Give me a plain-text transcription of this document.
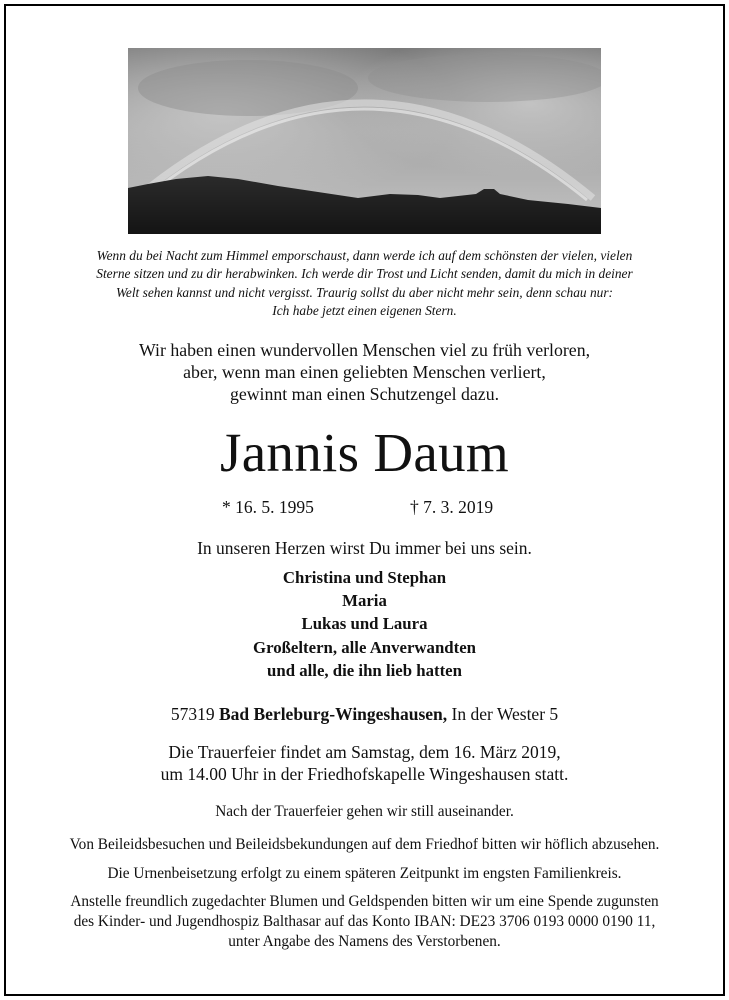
Wenn du bei Nacht zum Himmel emporschaust, dann werde ich auf dem schönsten der vielen, vielen
Sterne sitzen und zu dir herabwinken. Ich werde dir Trost und Licht senden, damit du mich in deiner
Welt sehen kannst und nicht vergisst. Traurig sollst du aber nicht mehr sein, denn schau nur:
Ich habe jetzt einen eigenen Stern.
Wir haben einen wundervollen Menschen viel zu früh verloren,
aber, wenn man einen geliebten Menschen verliert,
gewinnt man einen Schutzengel dazu.
Jannis Daum
* 16. 5. 1995	† 7. 3. 2019
In unseren Herzen wirst Du immer bei uns sein.
Christina und Stephan
Maria
Lukas und Laura
Großeltern, alle Anverwandten
und alle, die ihn lieb hatten
57319 Bad Berleburg-Wingeshausen, In der Wester 5
Die Trauerfeier findet am Samstag, dem 16. März 2019,
um 14.00 Uhr in der Friedhofskapelle Wingeshausen statt.
Nach der Trauerfeier gehen wir still auseinander.
Von Beileidsbesuchen und Beileidsbekundungen auf dem Friedhof bitten wir höflich abzusehen.
Die Urnenbeisetzung erfolgt zu einem späteren Zeitpunkt im engsten Familienkreis.
Anstelle freundlich zugedachter Blumen und Geldspenden bitten wir um eine Spende zugunsten
des Kinder- und Jugendhospiz Balthasar auf das Konto IBAN: DE23 3706 0193 0000 0190 11,
unter Angabe des Namens des Verstorbenen.
